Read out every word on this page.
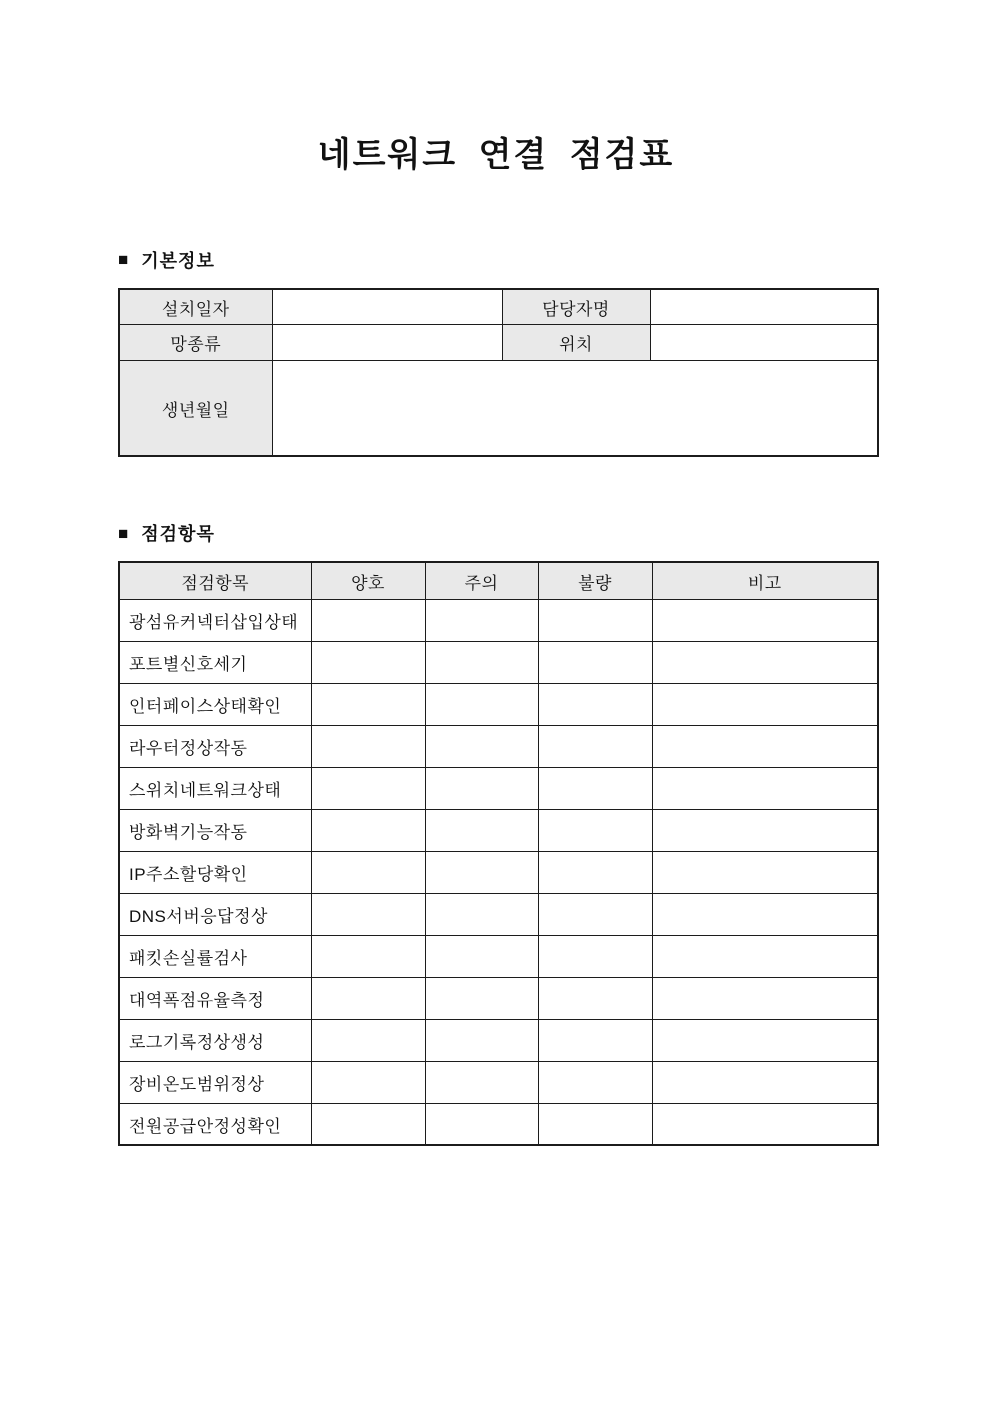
네트워크 연결 점검표
■ 기본정보
설치일자		담당자명	
망종류		위치	
생년월일			
■ 점검항목
점검항목	양호	주의	불량	비고
광섬유커넥터삽입상태				
포트별신호세기				
인터페이스상태확인				
라우터정상작동				
스위치네트워크상태				
방화벽기능작동				
IP주소할당확인				
DNS서버응답정상				
패킷손실률검사				
대역폭점유율측정				
로그기록정상생성				
장비온도범위정상				
전원공급안정성확인				
